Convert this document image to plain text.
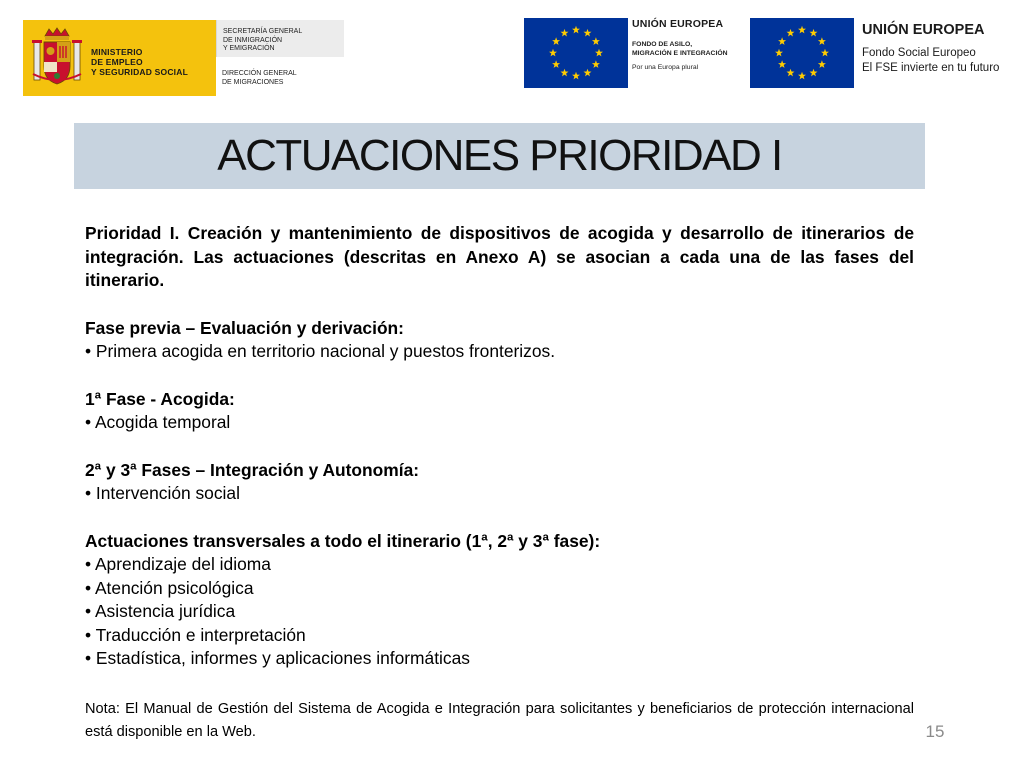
MINISTERIO
DE EMPLEO
Y SEGURIDAD SOCIAL
SECRETARÍA GENERAL
DE INMIGRACIÓN
Y EMIGRACIÓN
DIRECCIÓN GENERAL
DE MIGRACIONES
UNIÓN EUROPEA
FONDO DE ASILO,
MIGRACIÓN E INTEGRACIÓN
Por una Europa plural
UNIÓN EUROPEA
Fondo Social Europeo
El FSE invierte en tu futuro
ACTUACIONES PRIORIDAD I

Prioridad I. Creación y mantenimiento de dispositivos de acogida y desarrollo de itinerarios de integración. Las actuaciones (descritas en Anexo A) se asocian a cada una de las fases del itinerario.

Fase previa – Evaluación y derivación:

• Primera acogida en territorio nacional y puestos fronterizos.

1ª Fase - Acogida:

• Acogida temporal

2ª y 3ª Fases – Integración y Autonomía:

• Intervención social

Actuaciones transversales a todo el itinerario (1ª, 2ª y 3ª fase):

• Aprendizaje del idioma

• Atención psicológica

• Asistencia jurídica

• Traducción e interpretación

• Estadística, informes y aplicaciones informáticas

Nota: El Manual de Gestión del Sistema de Acogida e Integración para solicitantes y beneficiarios de protección internacional está disponible en la Web.	15
